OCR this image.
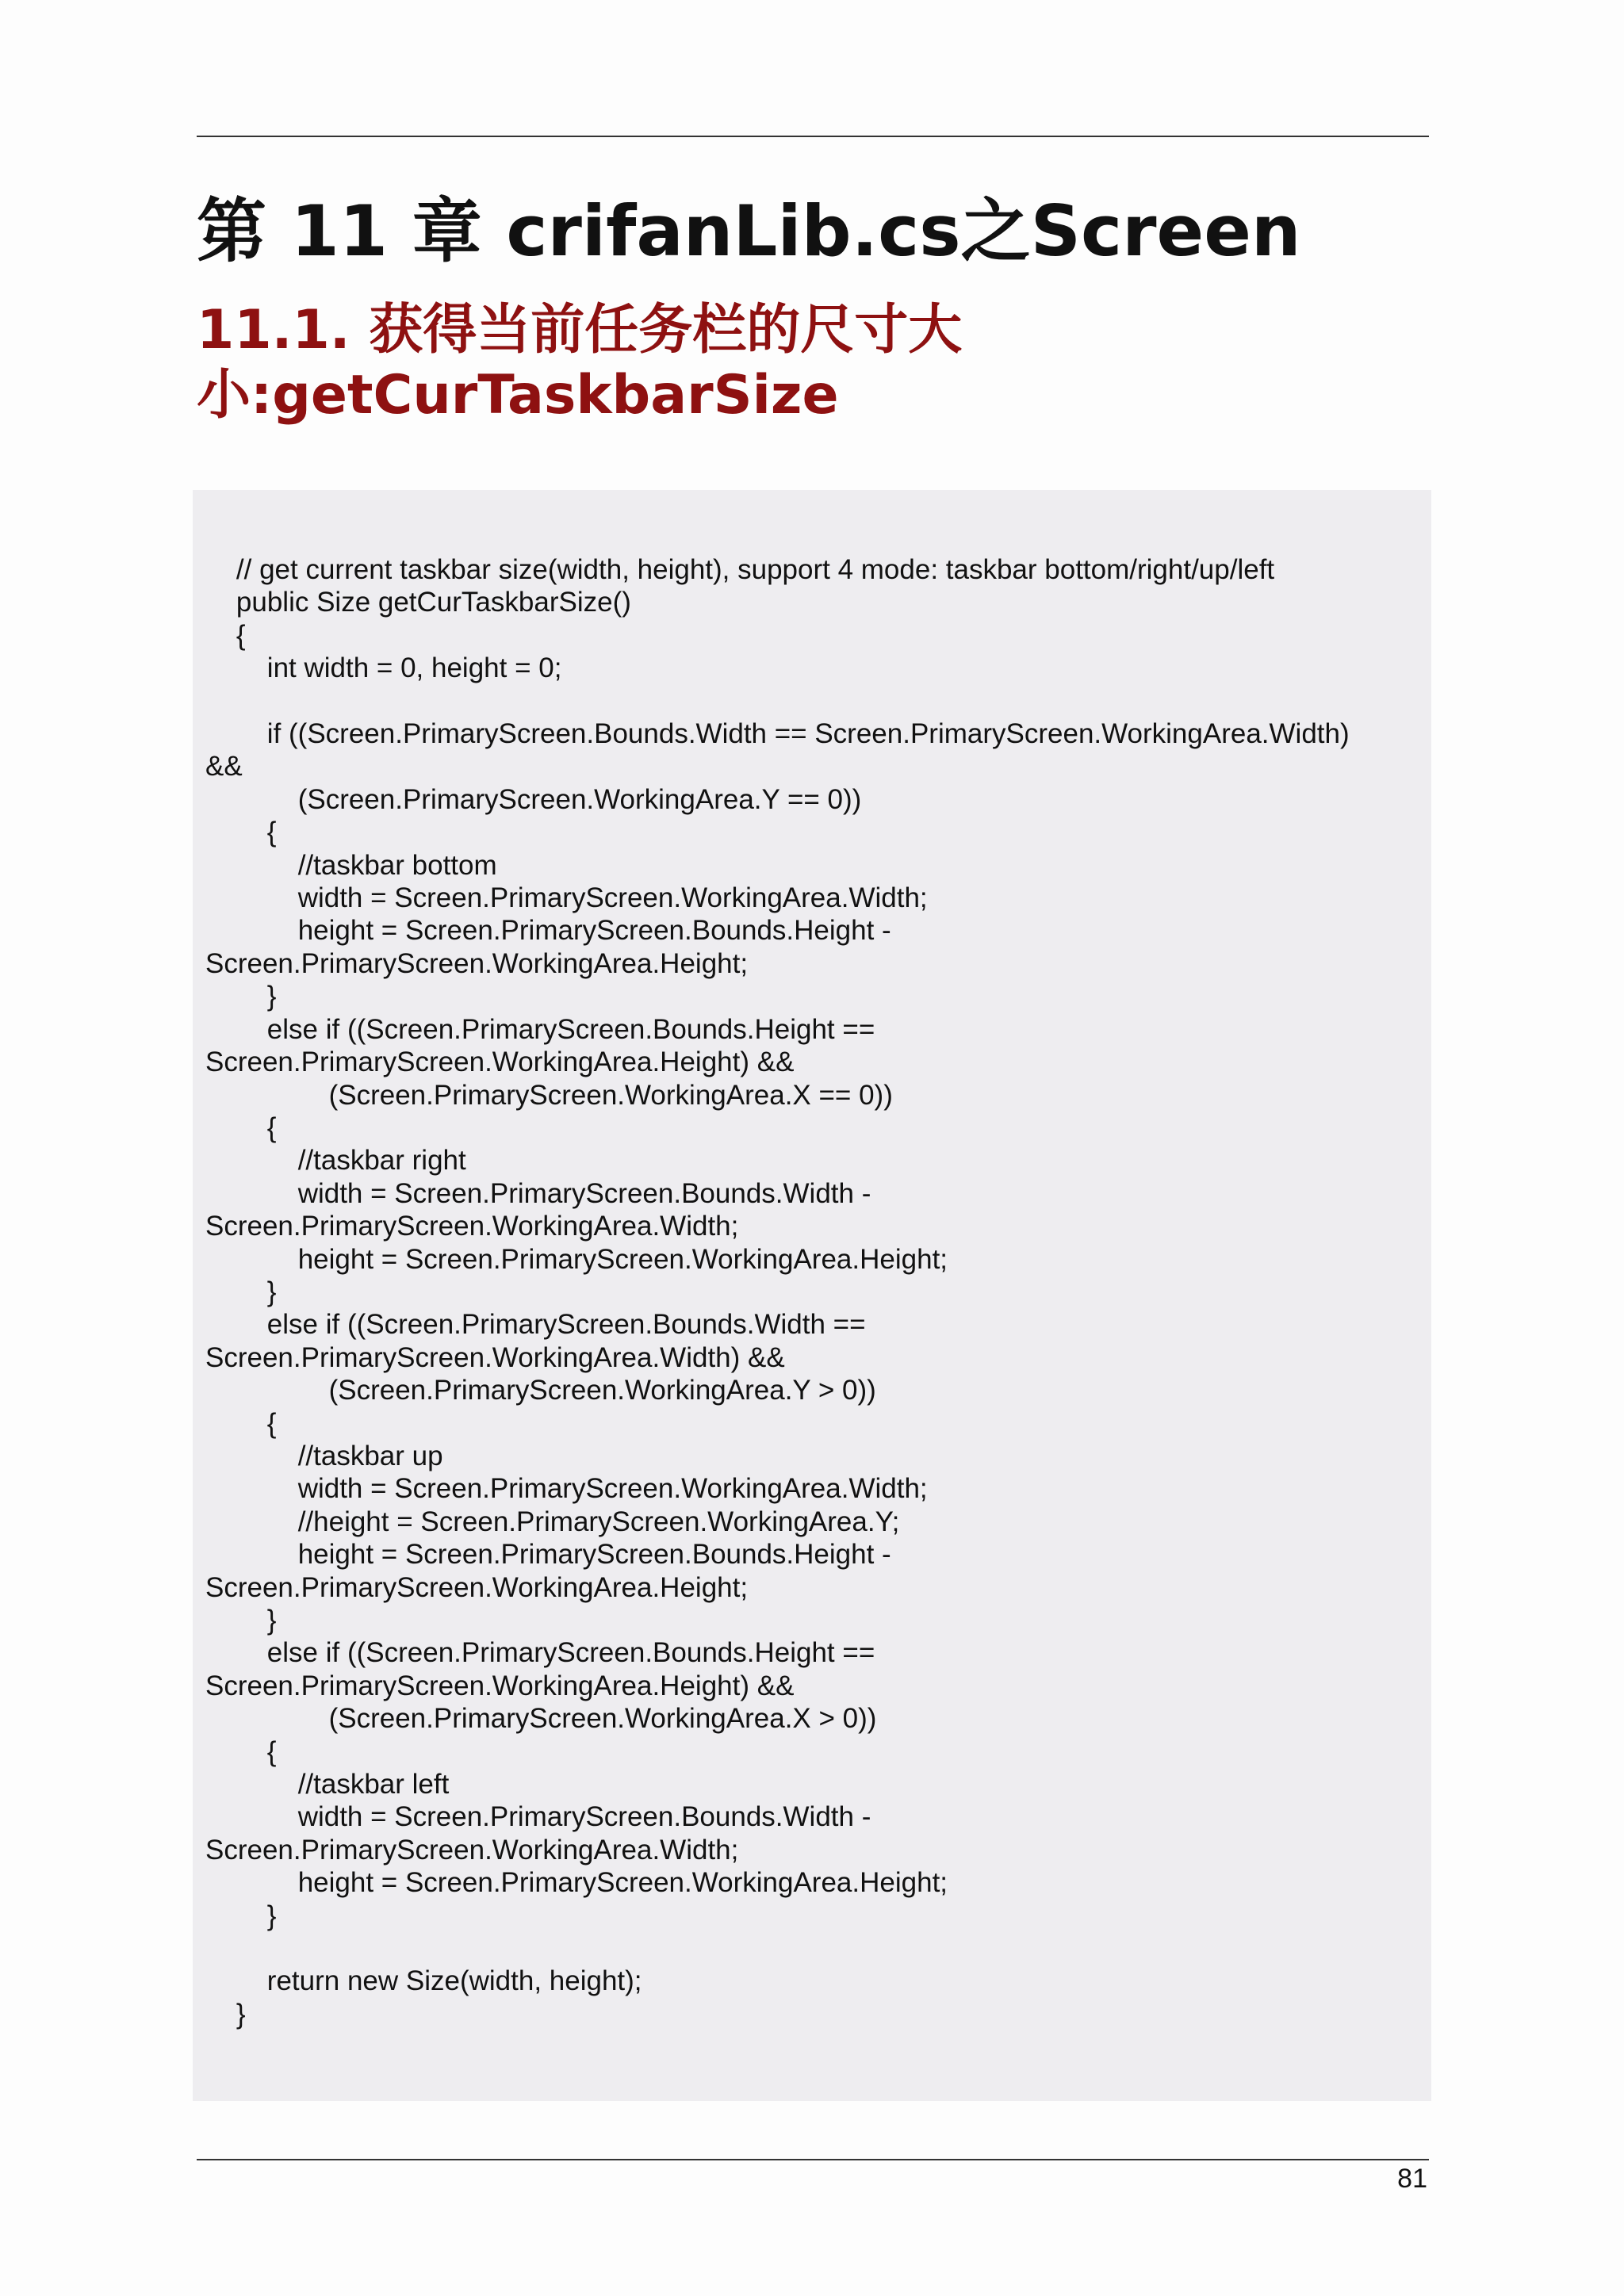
第 11 章 crifanLib.cs之Screen
11.1. 获得当前任务栏的尺寸大
小:getCurTaskbarSize
// get current taskbar size(width, height), support 4 mode: taskbar bottom/right/up/left
public Size getCurTaskbarSize()
{
int width = 0, height = 0;

if ((Screen.PrimaryScreen.Bounds.Width == Screen.PrimaryScreen.WorkingArea.Width)
&&
(Screen.PrimaryScreen.WorkingArea.Y == 0))
{
//taskbar bottom
width = Screen.PrimaryScreen.WorkingArea.Width;
height = Screen.PrimaryScreen.Bounds.Height -
Screen.PrimaryScreen.WorkingArea.Height;
}
else if ((Screen.PrimaryScreen.Bounds.Height ==
Screen.PrimaryScreen.WorkingArea.Height) &&
(Screen.PrimaryScreen.WorkingArea.X == 0))
{
//taskbar right
width = Screen.PrimaryScreen.Bounds.Width -
Screen.PrimaryScreen.WorkingArea.Width;
height = Screen.PrimaryScreen.WorkingArea.Height;
}
else if ((Screen.PrimaryScreen.Bounds.Width ==
Screen.PrimaryScreen.WorkingArea.Width) &&
(Screen.PrimaryScreen.WorkingArea.Y > 0))
{
//taskbar up
width = Screen.PrimaryScreen.WorkingArea.Width;
//height = Screen.PrimaryScreen.WorkingArea.Y;
height = Screen.PrimaryScreen.Bounds.Height -
Screen.PrimaryScreen.WorkingArea.Height;
}
else if ((Screen.PrimaryScreen.Bounds.Height ==
Screen.PrimaryScreen.WorkingArea.Height) &&
(Screen.PrimaryScreen.WorkingArea.X > 0))
{
//taskbar left
width = Screen.PrimaryScreen.Bounds.Width -
Screen.PrimaryScreen.WorkingArea.Width;
height = Screen.PrimaryScreen.WorkingArea.Height;
}

return new Size(width, height);
}
81
